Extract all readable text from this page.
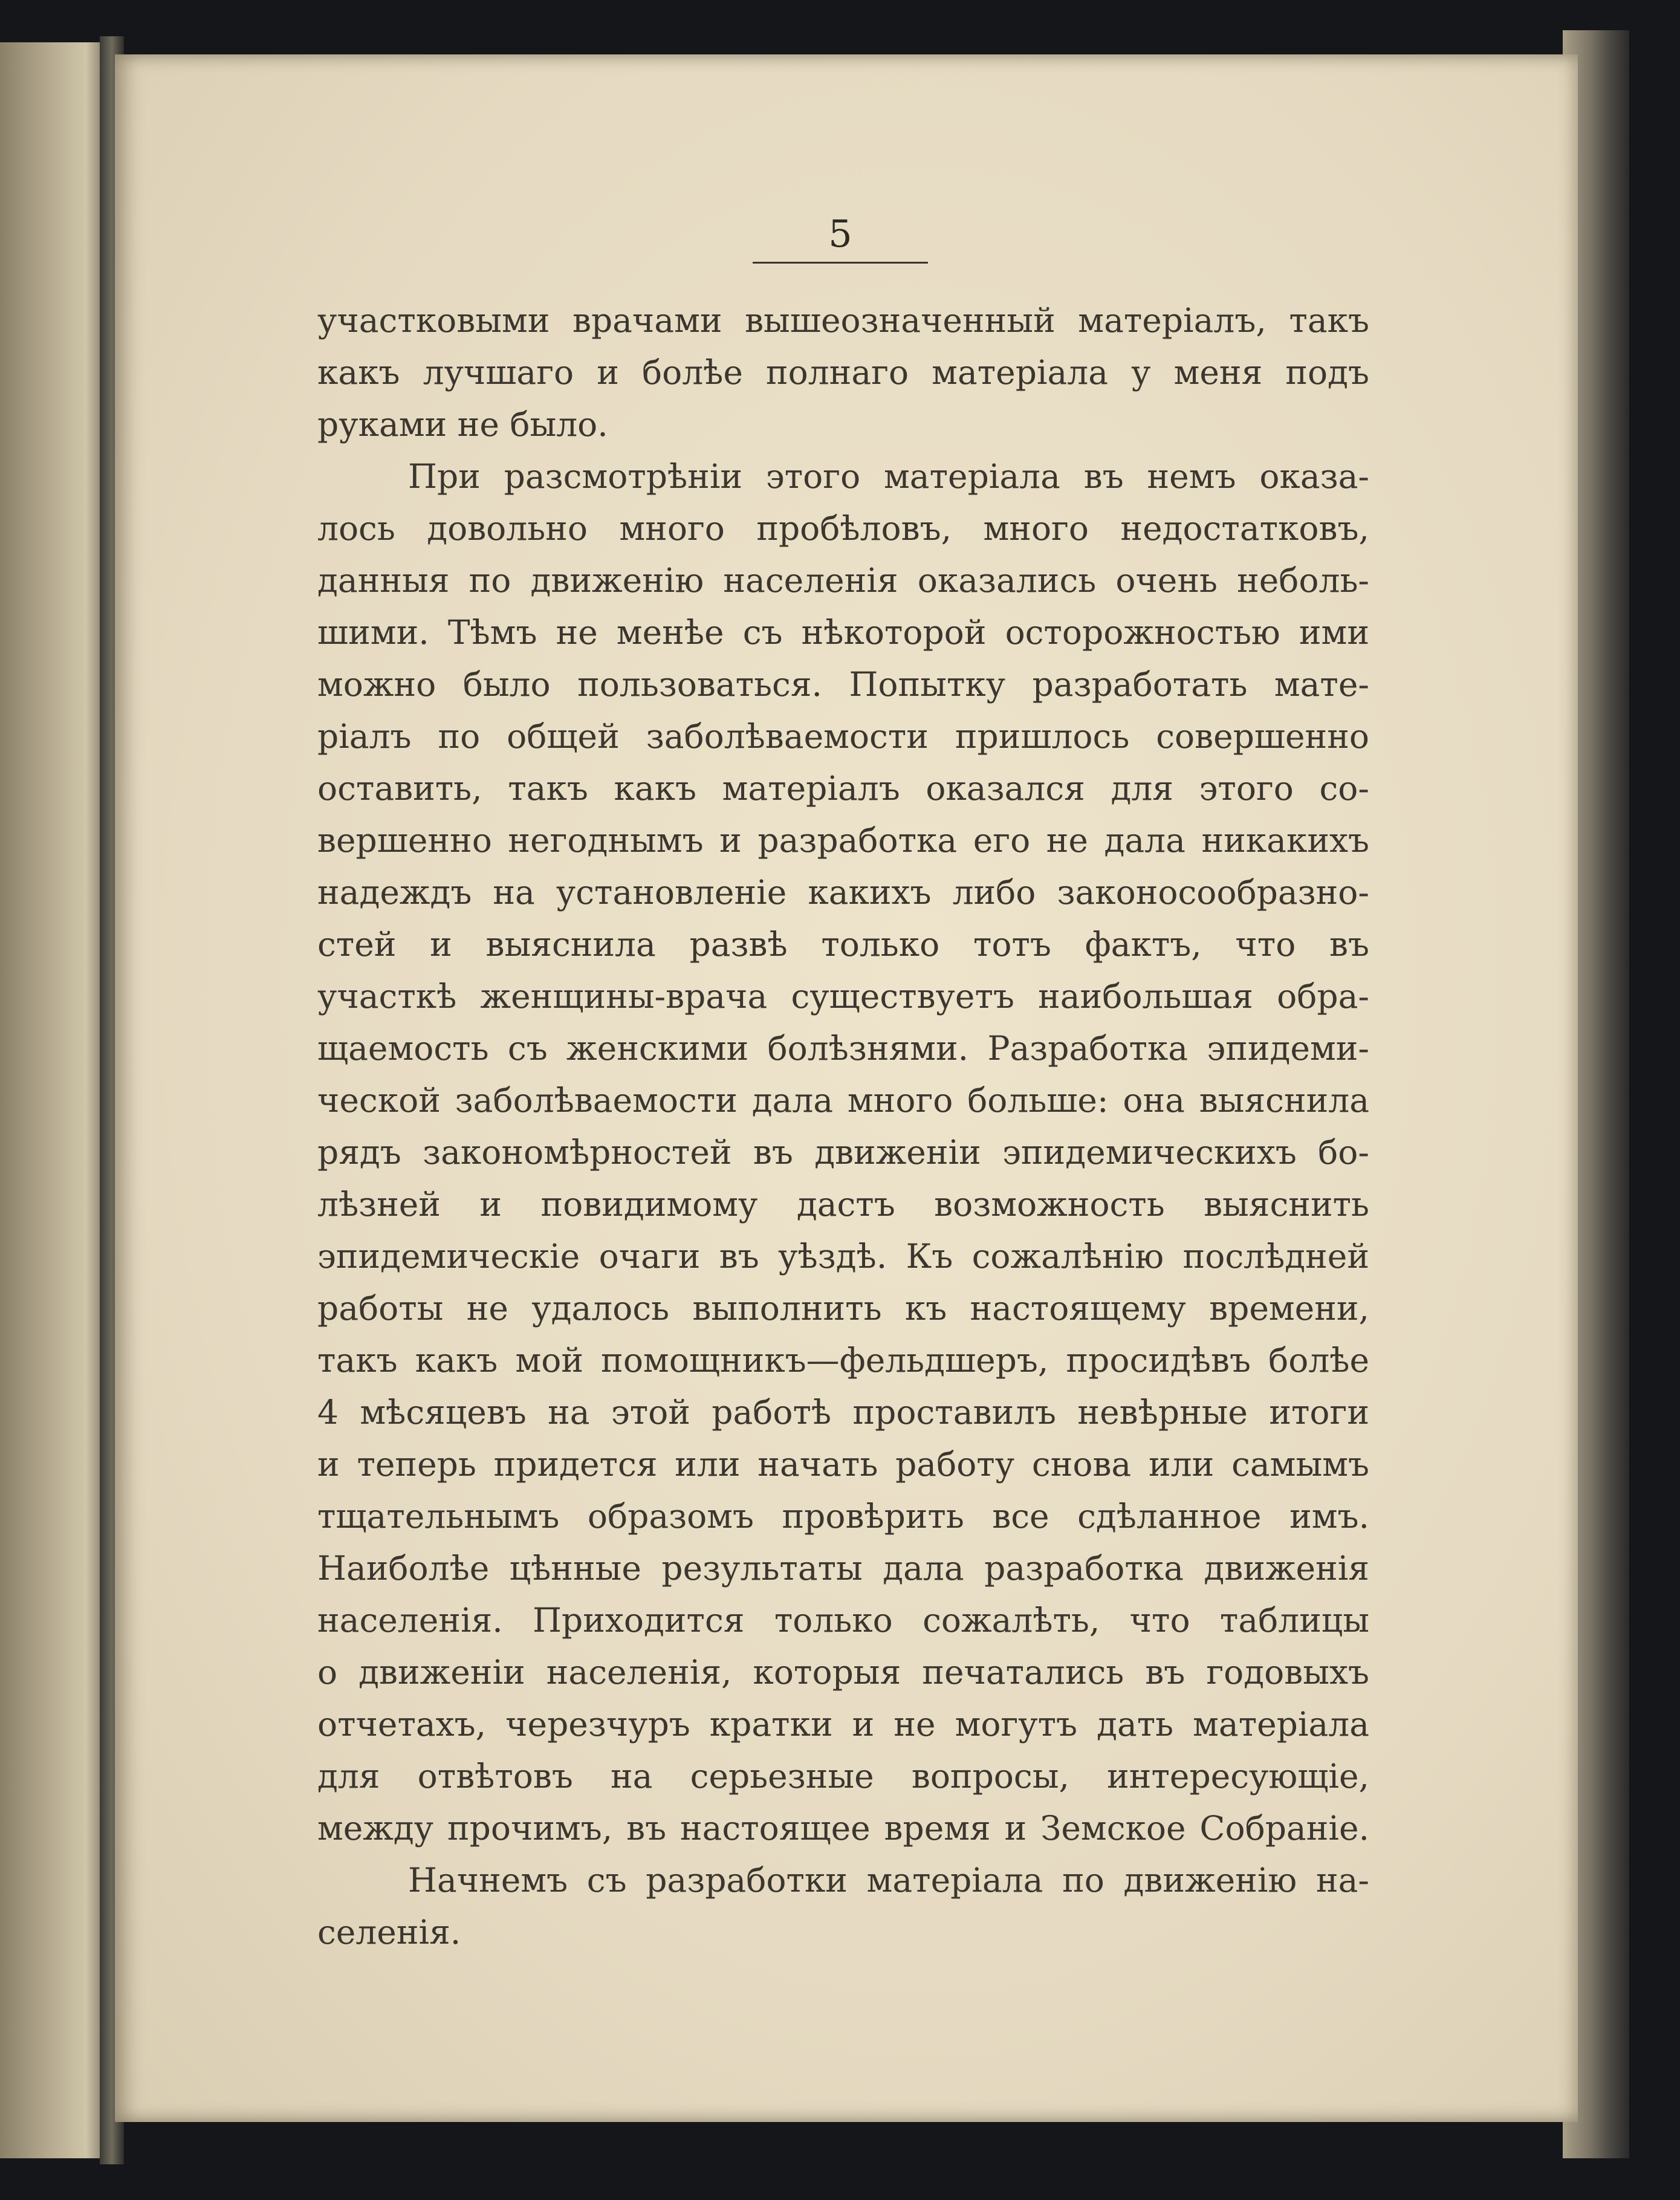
5
участковыми врачами вышеозначенный матеріалъ, такъ
какъ лучшаго и болѣе полнаго матеріала у меня подъ
руками не было.
При разсмотрѣніи этого матеріала въ немъ оказа-
лось довольно много пробѣловъ, много недостатковъ,
данныя по движенію населенія оказались очень неболь-
шими. Тѣмъ не менѣе съ нѣкоторой осторожностью ими
можно было пользоваться. Попытку разработать мате-
ріалъ по общей заболѣваемости пришлось совершенно
оставить, такъ какъ матеріалъ оказался для этого со-
вершенно негоднымъ и разработка его не дала никакихъ
надеждъ на установленіе какихъ либо законосообразно-
стей и выяснила развѣ только тотъ фактъ, что въ
участкѣ женщины-врача существуетъ наибольшая обра-
щаемость съ женскими болѣзнями. Разработка эпидеми-
ческой заболѣваемости дала много больше: она выяснила
рядъ закономѣрностей въ движеніи эпидемическихъ бо-
лѣзней и повидимому дастъ возможность выяснить
эпидемическіе очаги въ уѣздѣ. Къ сожалѣнію послѣдней
работы не удалось выполнить къ настоящему времени,
такъ какъ мой помощникъ—фельдшеръ, просидѣвъ болѣе
4 мѣсяцевъ на этой работѣ проставилъ невѣрные итоги
и теперь придется или начать работу снова или самымъ
тщательнымъ образомъ провѣрить все сдѣланное имъ.
Наиболѣе цѣнные результаты дала разработка движенія
населенія. Приходится только сожалѣть, что таблицы
о движеніи населенія, которыя печатались въ годовыхъ
отчетахъ, черезчуръ кратки и не могутъ дать матеріала
для отвѣтовъ на серьезные вопросы, интересующіе,
между прочимъ, въ настоящее время и Земское Собраніе.
Начнемъ съ разработки матеріала по движенію на-
селенія.
